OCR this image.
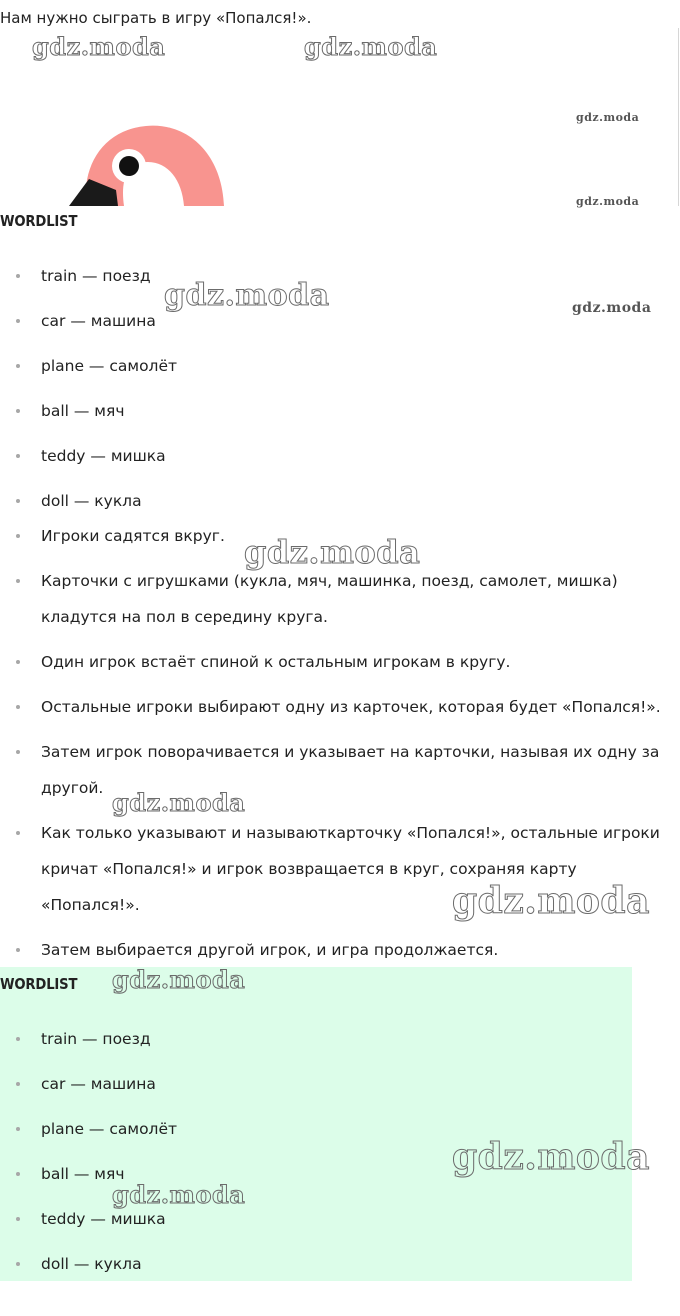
Нам нужно сыграть в игру «Попался!».
WORDLIST
train — поезд
car — машина
plane — самолёт
ball — мяч
teddy — мишка
doll — кукла
Игроки садятся вкруг.
Карточки с игрушками (кукла, мяч, машинка, поезд, самолет, мишка)
кладутся на пол в середину круга.
Один игрок встаёт спиной к остальным игрокам в кругу.
Остальные игроки выбирают одну из карточек, которая будет «Попался!».
Затем игрок поворачивается и указывает на карточки, называя их одну за
другой.
Как только указывают и называюткарточку «Попался!», остальные игроки
кричат «Попался!» и игрок возвращается в круг, сохраняя карту
«Попался!».
Затем выбирается другой игрок, и игра продолжается.
WORDLIST
train — поезд
car — машина
plane — самолёт
ball — мяч
teddy — мишка
doll — кукла
gdz.moda	gdz.moda
gdz.moda
gdz.moda
gdz.moda	gdz.moda
gdz.moda
gdz.moda
gdz.moda
gdz.moda
gdz.moda
gdz.moda
